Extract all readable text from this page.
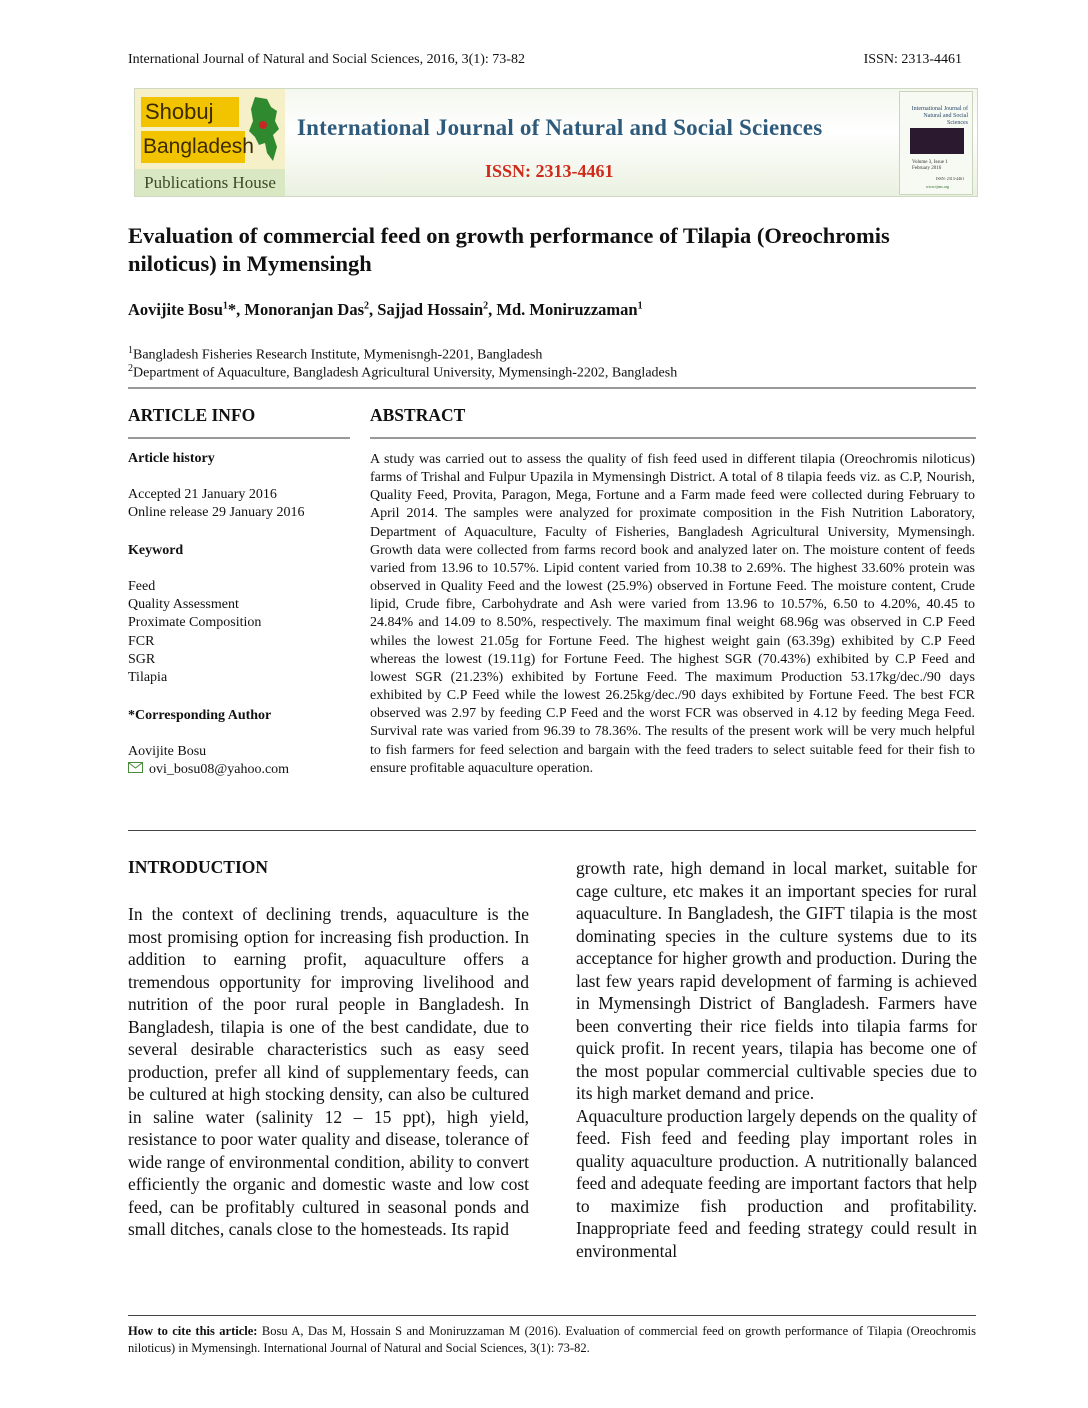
International Journal of Natural and Social Sciences, 2016, 3(1): 73-82	ISSN: 2313-4461
Shobuj
Bangladesh
Publications House
International Journal of Natural and Social Sciences
ISSN: 2313-4461
International Journal of Natural and Social Sciences
Volume 3, Issue 1 February 2016
ISSN: 2313-4461
www.ijnss.org
Evaluation of commercial feed on growth performance of Tilapia (Oreochromis niloticus) in Mymensingh
Aovijite Bosu$^1$*, Monoranjan Das$^2$, Sajjad Hossain$^2$, Md. Moniruzzaman$^1$
$^1$Bangladesh Fisheries Research Institute, Mymenisngh-2201, Bangladesh
$^2$Department of Aquaculture, Bangladesh Agricultural University, Mymensingh-2202, Bangladesh
ARTICLE INFO	ABSTRACT
Article history
Accepted 21 January 2016
Online release 29 January 2016
Keyword
Feed
Quality Assessment
Proximate Composition
FCR
SGR
Tilapia
*Corresponding Author
Aovijite Bosu
ovi_bosu08@yahoo.com
A study was carried out to assess the quality of fish feed used in different tilapia (Oreochromis niloticus) farms of Trishal and Fulpur Upazila in Mymensingh District. A total of 8 tilapia feeds viz. as C.P, Nourish, Quality Feed, Provita, Paragon, Mega, Fortune and a Farm made feed were collected during February to April 2014. The samples were analyzed for proximate composition in the Fish Nutrition Laboratory, Department of Aquaculture, Faculty of Fisheries, Bangladesh Agricultural University, Mymensingh. Growth data were collected from farms record book and analyzed later on. The moisture content of feeds varied from 13.96 to 10.57%. Lipid content varied from 10.38 to 2.69%. The highest 33.60% protein was observed in Quality Feed and the lowest (25.9%) observed in Fortune Feed. The moisture content, Crude lipid, Crude fibre, Carbohydrate and Ash were varied from 13.96 to 10.57%, 6.50 to 4.20%, 40.45 to 24.84% and 14.09 to 8.50%, respectively. The maximum final weight 68.96g was observed in C.P Feed whiles the lowest 21.05g for Fortune Feed. The highest weight gain (63.39g) exhibited by C.P Feed whereas the lowest (19.11g) for Fortune Feed. The highest SGR (70.43%) exhibited by C.P Feed and lowest SGR (21.23%) exhibited by Fortune Feed. The maximum Production 53.17kg/dec./90 days exhibited by C.P Feed while the lowest 26.25kg/dec./90 days exhibited by Fortune Feed. The best FCR observed was 2.97 by feeding C.P Feed and the worst FCR was observed in 4.12 by feeding Mega Feed. Survival rate was varied from 96.39 to 78.36%. The results of the present work will be very much helpful to fish farmers for feed selection and bargain with the feed traders to select suitable feed for their fish to ensure profitable aquaculture operation.
INTRODUCTION
In the context of declining trends, aquaculture is the most promising option for increasing fish production. In addition to earning profit, aquaculture offers a tremendous opportunity for improving livelihood and nutrition of the poor rural people in Bangladesh. In Bangladesh, tilapia is one of the best candidate, due to several desirable characteristics such as easy seed production, prefer all kind of supplementary feeds, can be cultured at high stocking density, can also be cultured in saline water (salinity 12 – 15 ppt), high yield, resistance to poor water quality and disease, tolerance of wide range of environmental condition, ability to convert efficiently the organic and domestic waste and low cost feed, can be profitably cultured in seasonal ponds and small ditches, canals close to the homesteads. Its rapid
growth rate, high demand in local market, suitable for cage culture, etc makes it an important species for rural aquaculture. In Bangladesh, the GIFT tilapia is the most dominating species in the culture systems due to its acceptance for higher growth and production. During the last few years rapid development of farming is achieved in Mymensingh District of Bangladesh. Farmers have been converting their rice fields into tilapia farms for quick profit. In recent years, tilapia has become one of the most popular commercial cultivable species due to its high market demand and price.
Aquaculture production largely depends on the quality of feed. Fish feed and feeding play important roles in quality aquaculture production. A nutritionally balanced feed and adequate feeding are important factors that help to maximize fish production and profitability. Inappropriate feed and feeding strategy could result in environmental
How to cite this article: Bosu A, Das M, Hossain S and Moniruzzaman M (2016). Evaluation of commercial feed on growth performance of Tilapia (Oreochromis niloticus) in Mymensingh. International Journal of Natural and Social Sciences, 3(1): 73-82.
